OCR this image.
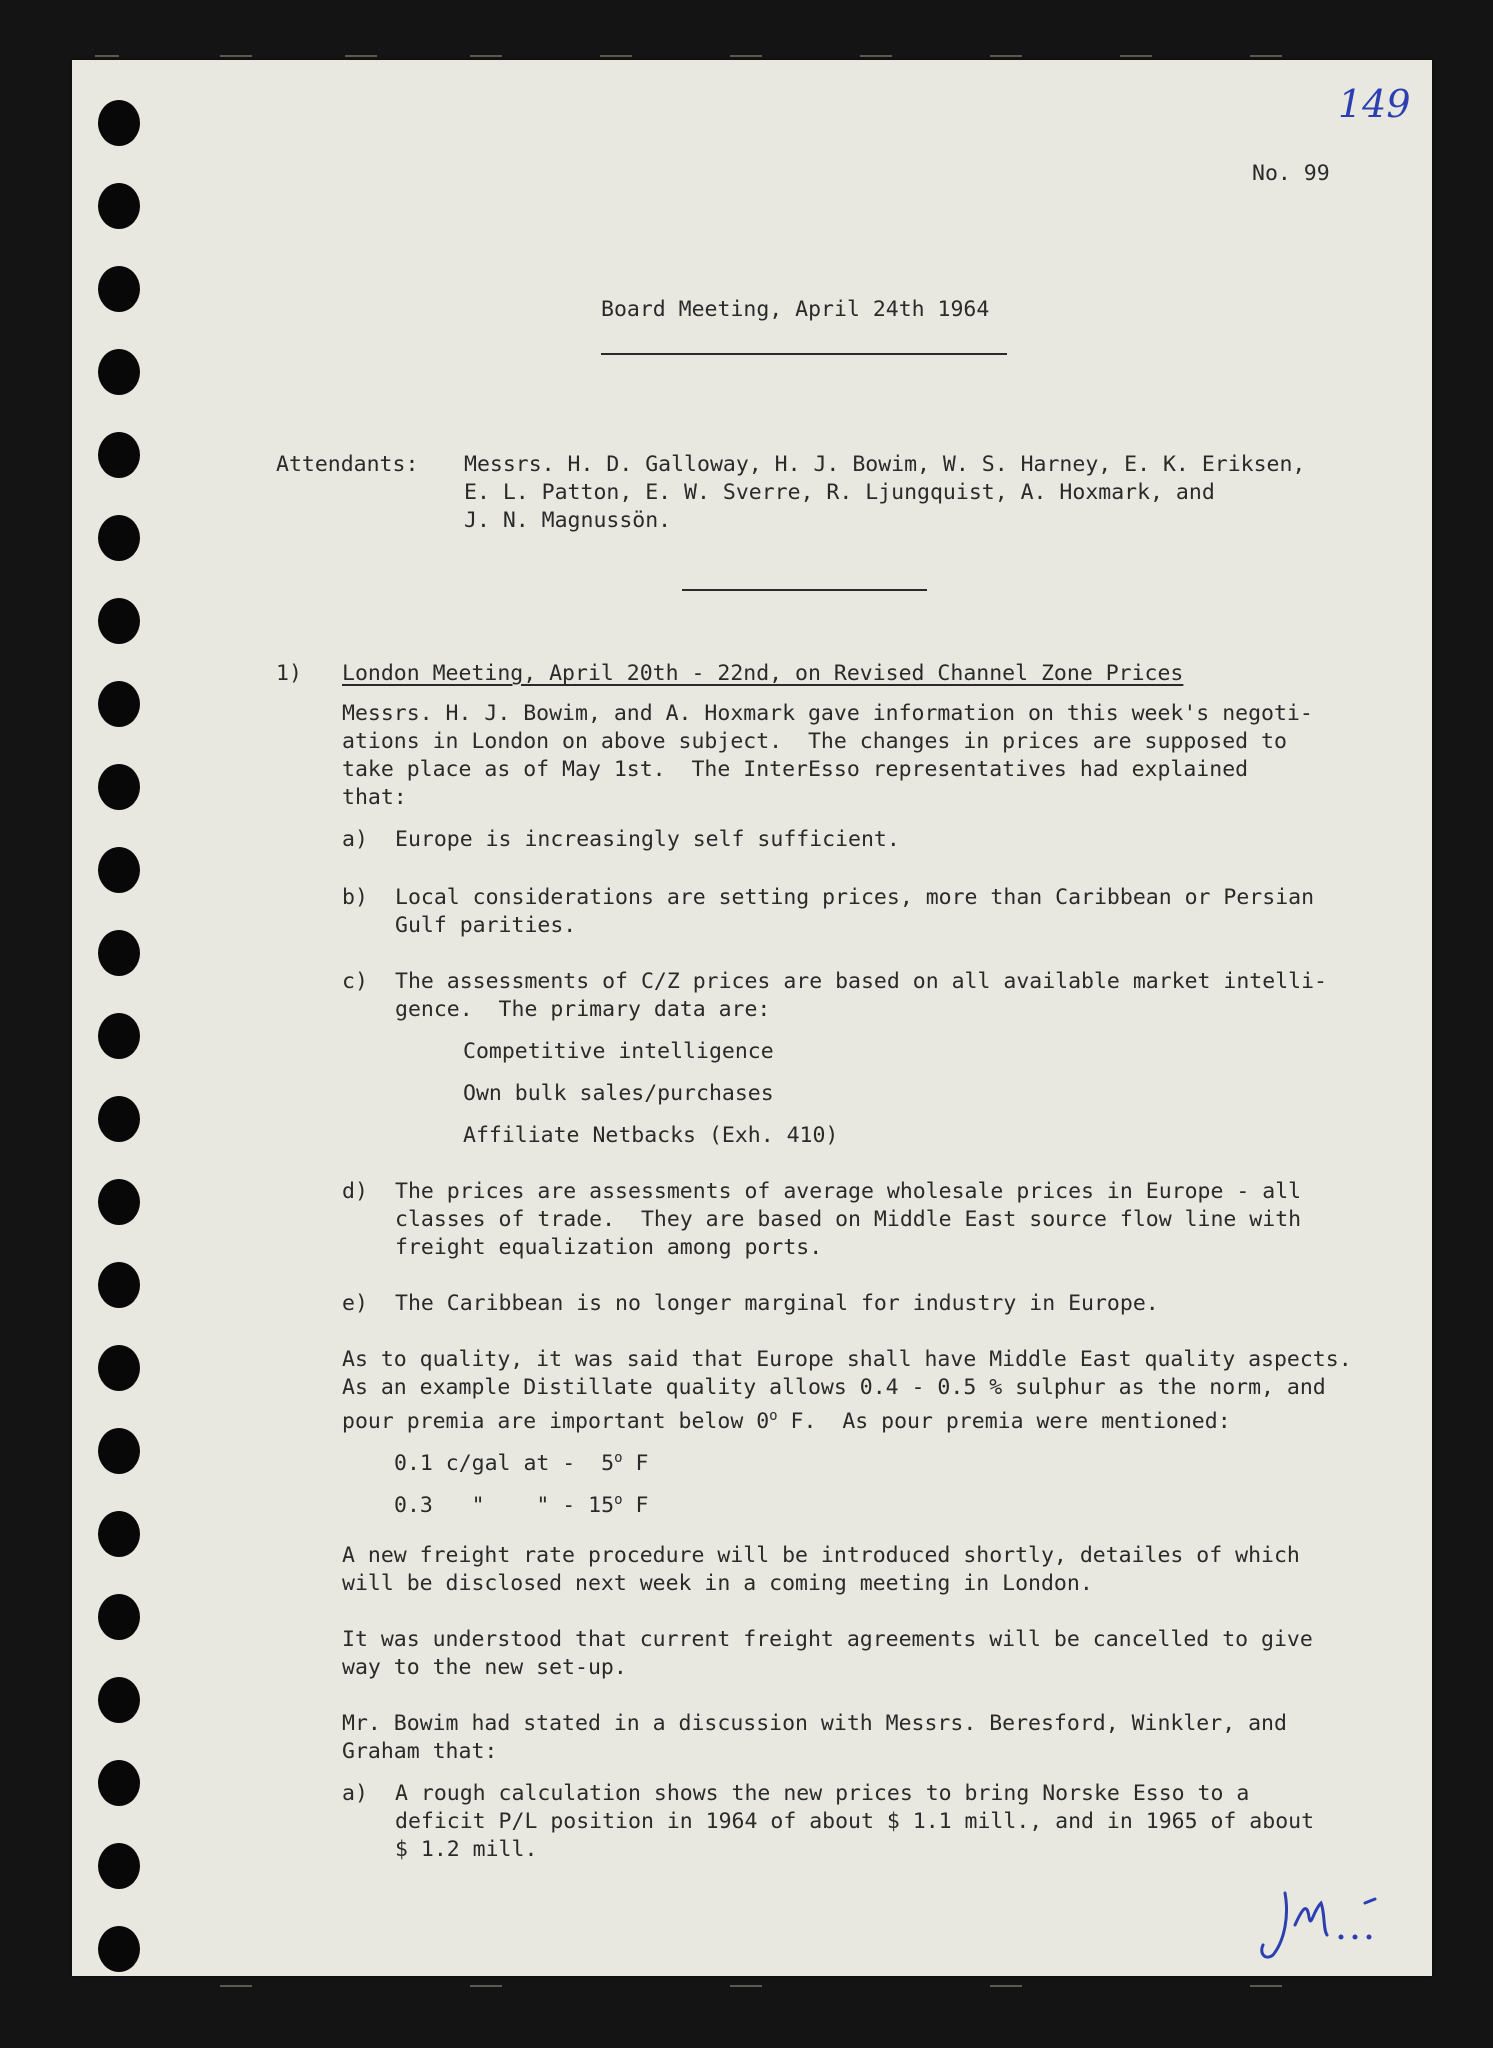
149

No. 99

Board Meeting, April 24th 1964

Attendants: Messrs. H. D. Galloway, H. J. Bowim, W. S. Harney, E. K. Eriksen,

E. L. Patton, E. W. Sverre, R. Ljungquist, A. Hoxmark, and

J. N. Magnussön.

1) London Meeting, April 20th - 22nd, on Revised Channel Zone Prices

Messrs. H. J. Bowim, and A. Hoxmark gave information on this week's negoti-

ations in London on above subject.  The changes in prices are supposed to

take place as of May 1st.  The InterEsso representatives had explained

that:

a) Europe is increasingly self sufficient.

b) Local considerations are setting prices, more than Caribbean or Persian

Gulf parities.

c) The assessments of C/Z prices are based on all available market intelli-

gence.  The primary data are:

Competitive intelligence

Own bulk sales/purchases

Affiliate Netbacks (Exh. 410)

d) The prices are assessments of average wholesale prices in Europe - all

classes of trade.  They are based on Middle East source flow line with

freight equalization among ports.

e) The Caribbean is no longer marginal for industry in Europe.

As to quality, it was said that Europe shall have Middle East quality aspects.

As an example Distillate quality allows 0.4 - 0.5 % sulphur as the norm, and

pour premia are important below 0$^o$ F.  As pour premia were mentioned:

0.1 c/gal at -  5$^o$ F

0.3   "    " - 15$^o$ F

A new freight rate procedure will be introduced shortly, detailes of which

will be disclosed next week in a coming meeting in London.

It was understood that current freight agreements will be cancelled to give

way to the new set-up.

Mr. Bowim had stated in a discussion with Messrs. Beresford, Winkler, and

Graham that:

a) A rough calculation shows the new prices to bring Norske Esso to a

deficit P/L position in 1964 of about $ 1.1 mill., and in 1965 of about

$ 1.2 mill.
